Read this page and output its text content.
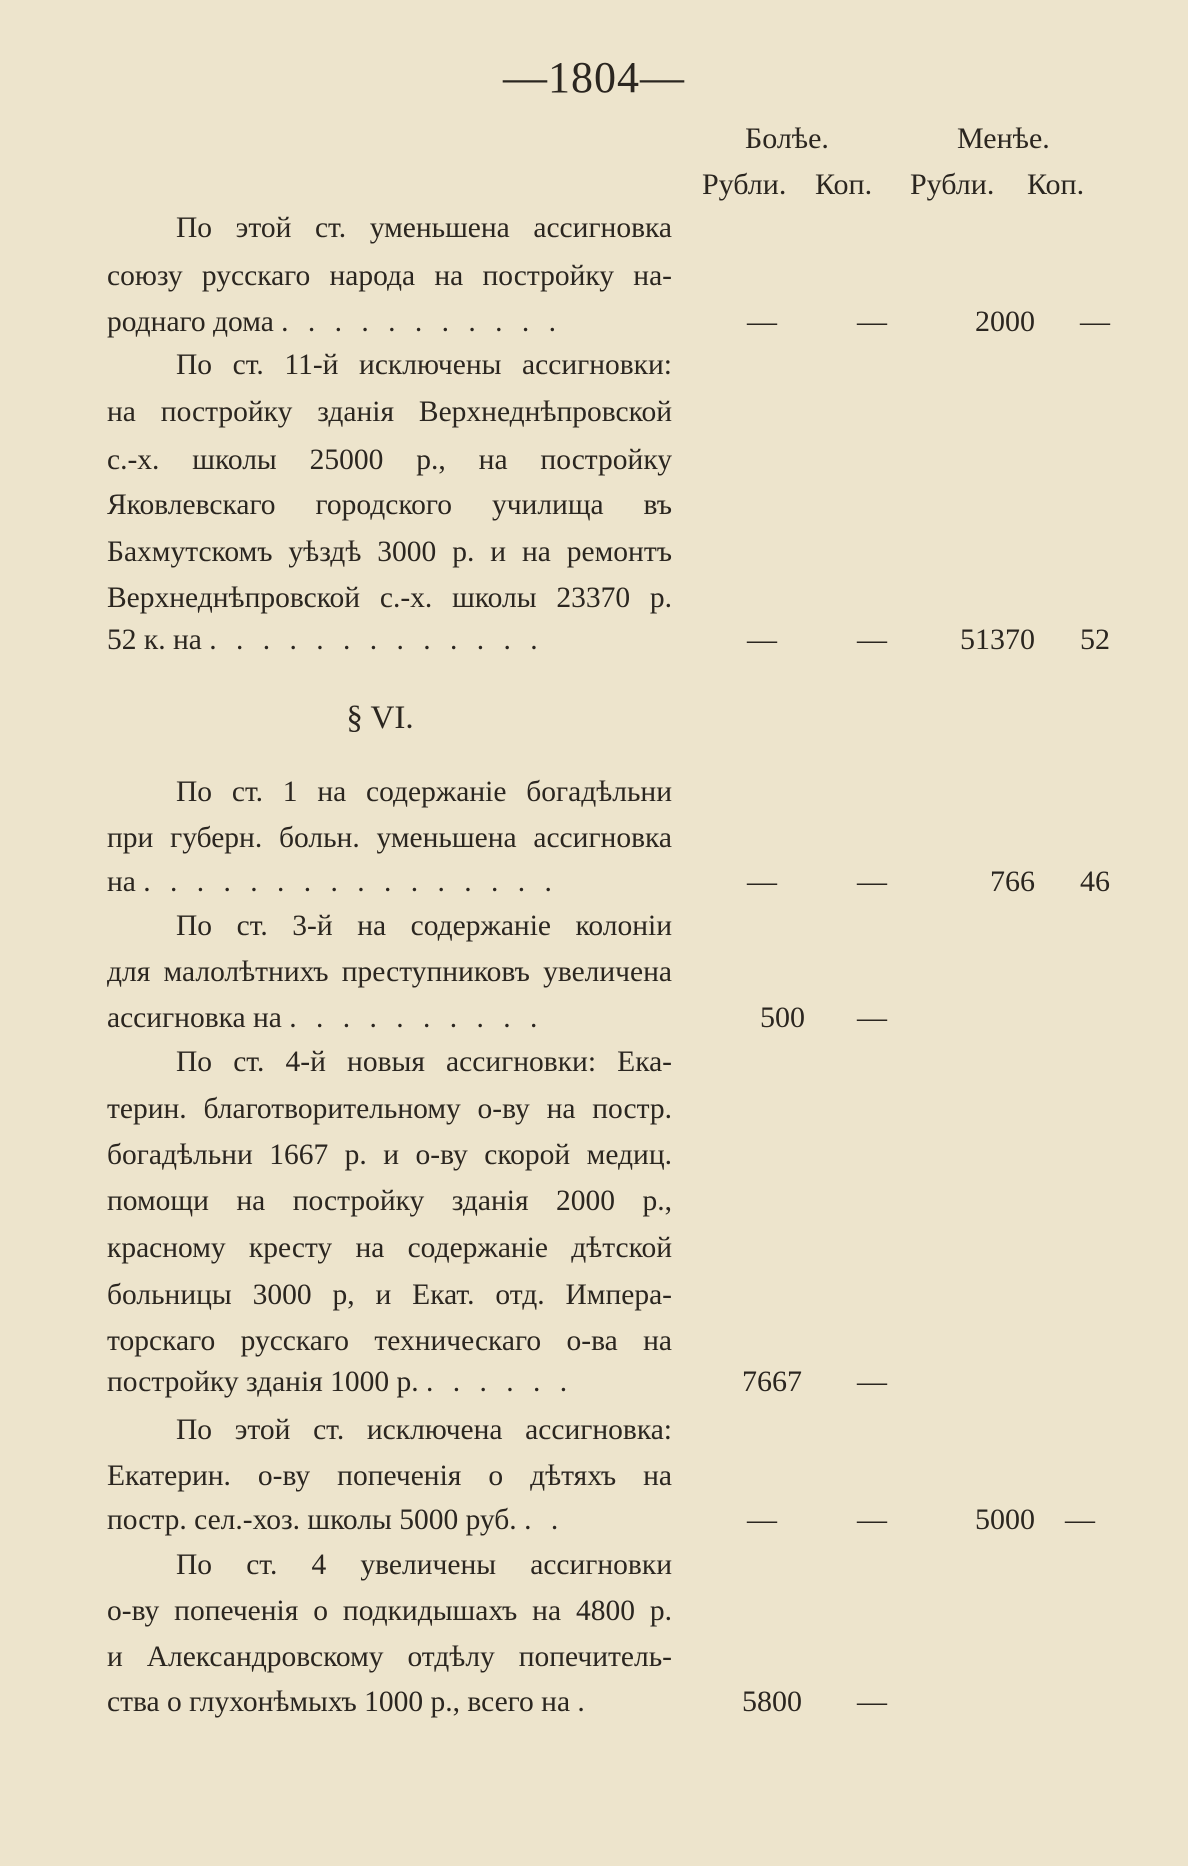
—1804—
Болѣе.	Менѣе.
Рубли. Коп. Рубли. Коп.
По этой ст. уменьшена ассигновка
союзу русскаго народа на постройку на-
роднаго дома . . . . . . . . . . .	—	—	2000	—
По ст. 11-й исключены ассигновки:
на постройку зданія Верхнеднѣпровской
с.-х. школы 25000 р., на постройку
Яковлевскаго городского училища въ
Бахмутскомъ уѣздѣ 3000 р. и на ремонтъ
Верхнеднѣпровской с.-х. школы 23370 р.
52 к. на . . . . . . . . . . . . .	—	—	51370	52
§ VI.
По ст. 1 на содержаніе богадѣльни
при губерн. больн. уменьшена ассигновка
на . . . . . . . . . . . . . . . .	—	—	766	46
По ст. 3-й на содержаніе колоніи
для малолѣтнихъ преступниковъ увеличена
ассигновка на . . . . . . . . . .	500 —
По ст. 4-й новыя ассигновки: Ека-
терин. благотворительному о-ву на постр.
богадѣльни 1667 р. и о-ву скорой медиц.
помощи на постройку зданія 2000 р.,
красному кресту на содержаніе дѣтской
больницы 3000 р, и Екат. отд. Импера-
торскаго русскаго техническаго о-ва на
постройку зданія 1000 р. . . . . . .	7667 —
По этой ст. исключена ассигновка:
Екатерин. о-ву попеченія о дѣтяхъ на
постр. сел.-хоз. школы 5000 руб. . .	—	—	5000	—
По ст. 4 увеличены ассигновки
о-ву попеченія о подкидышахъ на 4800 р.
и Александровскому отдѣлу попечитель-
ства о глухонѣмыхъ 1000 р., всего на .	5800 —
